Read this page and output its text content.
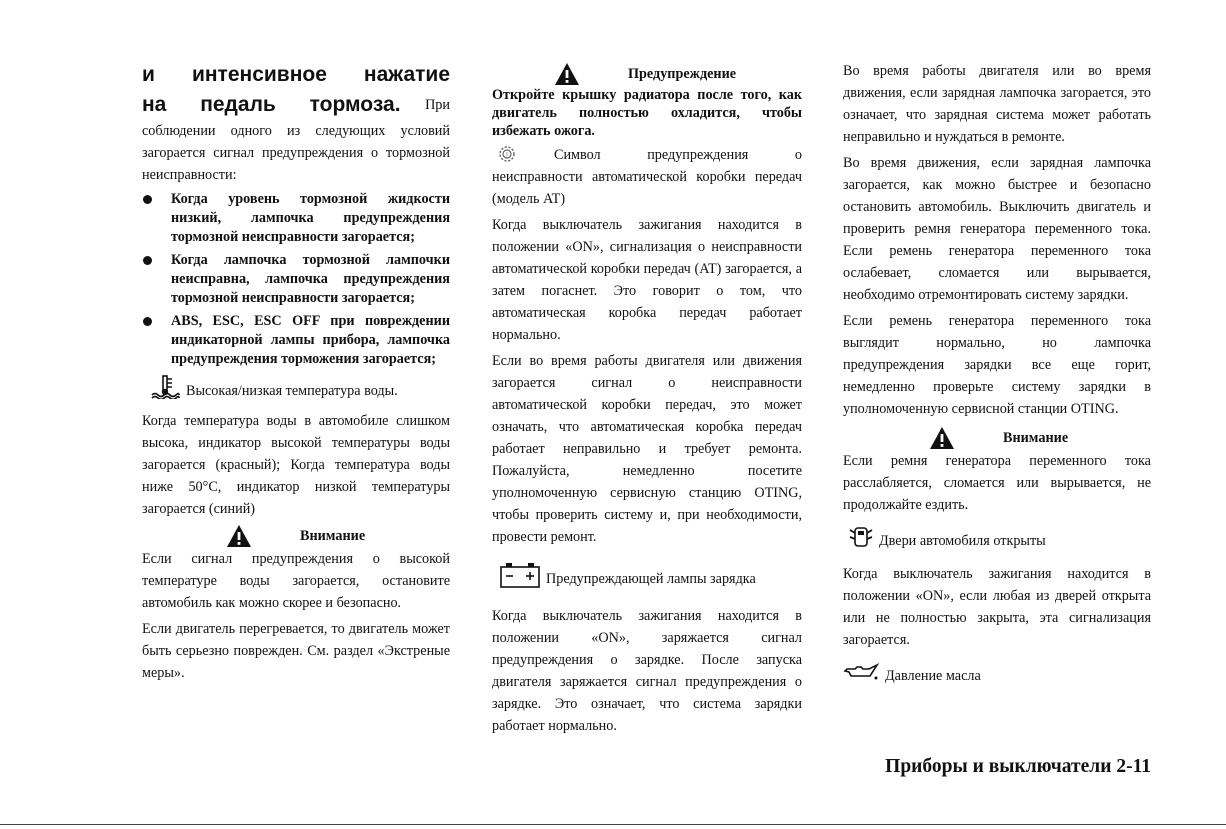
и интенсивное нажатие
на педаль тормоза. При

соблюдении одного из следующих условий загорается сигнал предупреждения о тормозной неисправности:

Когда уровень тормозной жидкости низкий, лампочка предупреждения тормозной неисправности загорается;
Когда лампочка тормозной лампочки неисправна, лампочка предупреждения тормозной неисправности загорается;
ABS, ESC, ESC OFF при повреждении индикаторной лампы прибора, лампочка предупреждения торможения загорается;
Высокая/низкая температура воды.

Когда температура воды в автомобиле слишком высока, индикатор высокой температуры воды загорается (красный); Когда температура воды ниже 50°C, индикатор низкой температуры загорается (синий)

Внимание

Если сигнал предупреждения о высокой температуре воды загорается, остановите автомобиль как можно скорее и безопасно.

Если двигатель перегревается, то двигатель может быть серьезно поврежден. См. раздел «Экстреные меры».

Предупреждение

Откройте крышку радиатора после того, как двигатель полностью охладится, чтобы избежать ожога.

!	Символ предупреждения о неисправности автоматической коробки передач (модель AT)

Когда выключатель зажигания находится в положении «ON», сигнализация о неисправности автоматической коробки передач (AT) загорается, а затем погаснет. Это говорит о том, что автоматическая коробка передач работает нормально.

Если во время работы двигателя или движения загорается сигнал о неисправности автоматической коробки передач, это может означать, что автоматическая коробка передач работает неправильно и требует ремонта. Пожалуйста, немедленно посетите уполномоченную сервисную станцию OTING, чтобы проверить систему и, при необходимости, провести ремонт.

Предупреждающей лампы зарядка

Когда выключатель зажигания находится в положении «ON», заряжается сигнал предупреждения о зарядке. После запуска двигателя заряжается сигнал предупреждения о зарядке. Это означает, что система зарядки работает нормально.

Во время работы двигателя или во время движения, если зарядная лампочка загорается, это означает, что зарядная система может работать неправильно и нуждаться в ремонте.

Во время движения, если зарядная лампочка загорается, как можно быстрее и безопасно остановить автомобиль. Выключить двигатель и проверить ремня генератора переменного тока. Если ремень генератора переменного тока ослабевает, сломается или вырывается, необходимо отремонтировать систему зарядки.

Если ремень генератора переменного тока выглядит нормально, но лампочка предупреждения зарядки все еще горит, немедленно проверьте систему зарядки в уполномоченную сервисной станции OTING.

Внимание

Если ремня генератора переменного тока расслабляется, сломается или вырывается, не продолжайте ездить.

Двери автомобиля открыты

Когда выключатель зажигания находится в положении «ON», если любая из дверей открыта или не полностью закрыта, эта сигнализация загорается.

Давление масла
Приборы и выключатели 2-11
